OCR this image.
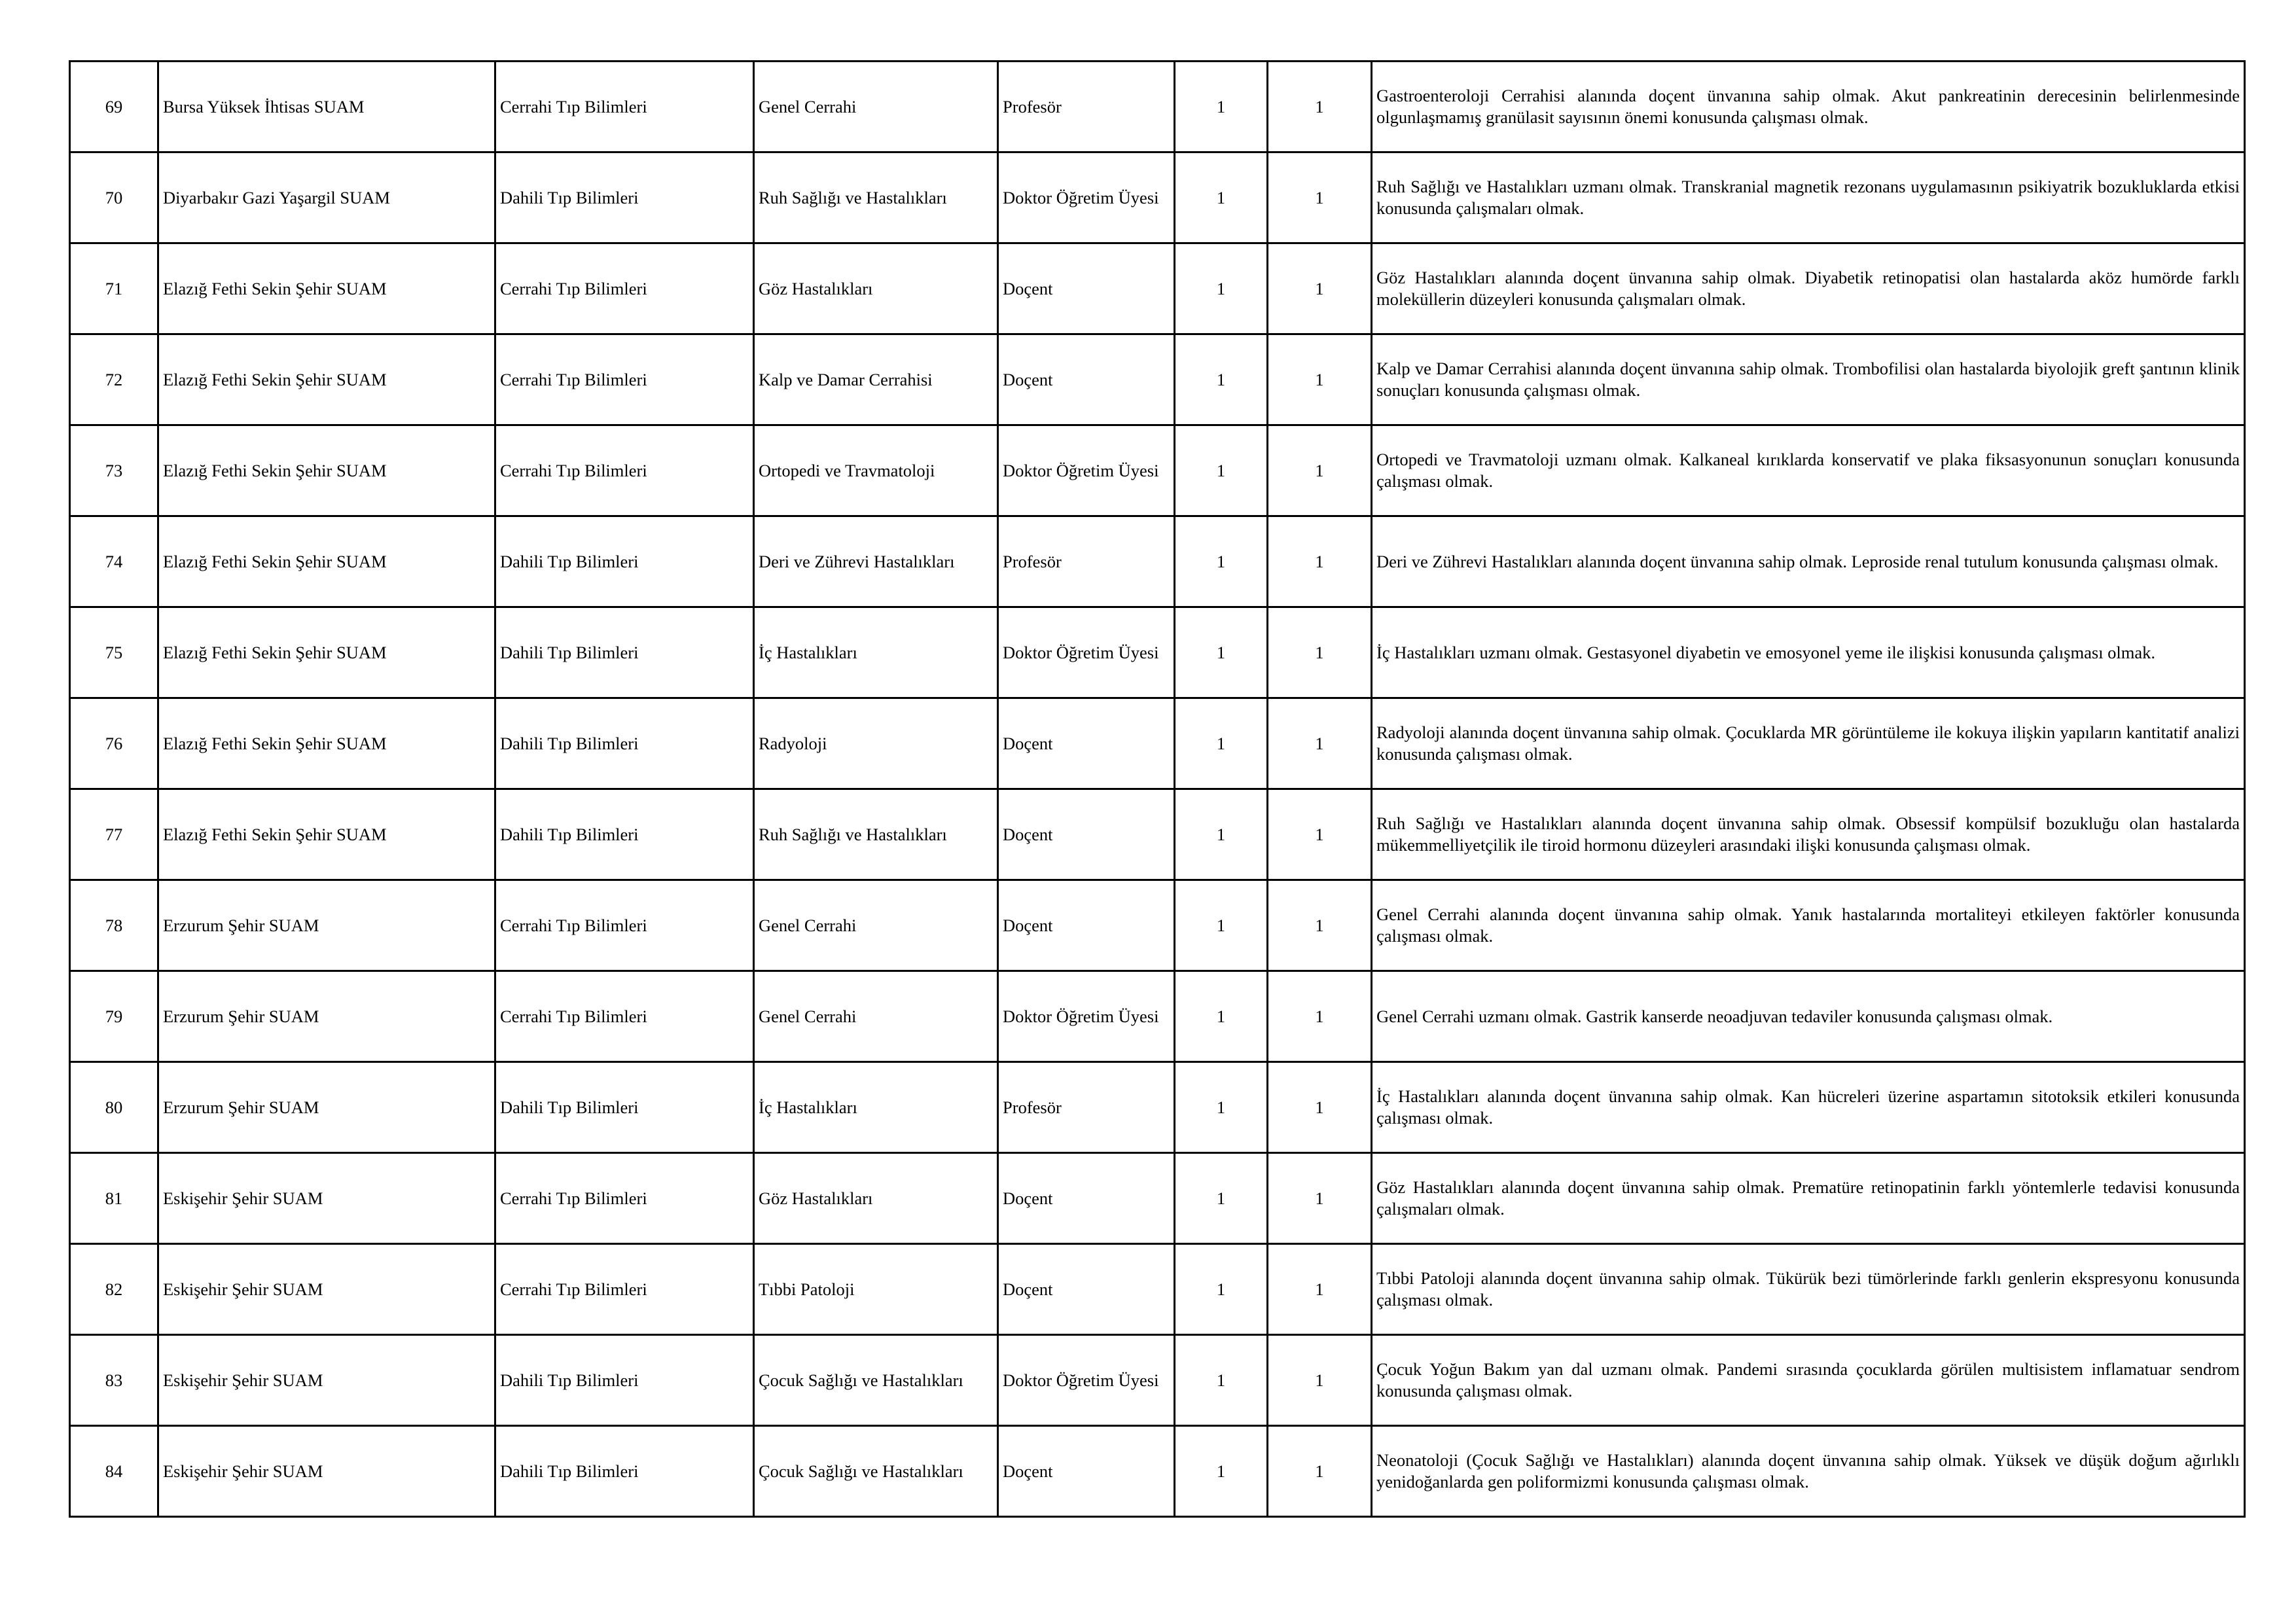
69	Bursa Yüksek İhtisas SUAM	Cerrahi Tıp Bilimleri	Genel Cerrahi	Profesör	1	1	Gastroenteroloji Cerrahisi alanında doçent ünvanına sahip olmak. Akut pankreatinin derecesinin belirlenmesinde olgunlaşmamış granülasit sayısının önemi konusunda çalışması olmak.
70	Diyarbakır Gazi Yaşargil SUAM	Dahili Tıp Bilimleri	Ruh Sağlığı ve Hastalıkları	Doktor Öğretim Üyesi	1	1	Ruh Sağlığı ve Hastalıkları uzmanı olmak. Transkranial magnetik rezonans uygulamasının psikiyatrik bozukluklarda etkisi konusunda çalışmaları olmak.
71	Elazığ Fethi Sekin Şehir SUAM	Cerrahi Tıp Bilimleri	Göz Hastalıkları	Doçent	1	1	Göz Hastalıkları alanında doçent ünvanına sahip olmak. Diyabetik retinopatisi olan hastalarda aköz humörde farklı moleküllerin düzeyleri konusunda çalışmaları olmak.
72	Elazığ Fethi Sekin Şehir SUAM	Cerrahi Tıp Bilimleri	Kalp ve Damar Cerrahisi	Doçent	1	1	Kalp ve Damar Cerrahisi alanında doçent ünvanına sahip olmak. Trombofilisi olan hastalarda biyolojik greft şantının klinik sonuçları konusunda çalışması olmak.
73	Elazığ Fethi Sekin Şehir SUAM	Cerrahi Tıp Bilimleri	Ortopedi ve Travmatoloji	Doktor Öğretim Üyesi	1	1	Ortopedi ve Travmatoloji uzmanı olmak. Kalkaneal kırıklarda konservatif ve plaka fiksasyonunun sonuçları konusunda çalışması olmak.
74	Elazığ Fethi Sekin Şehir SUAM	Dahili Tıp Bilimleri	Deri ve Zührevi Hastalıkları	Profesör	1	1	Deri ve Zührevi Hastalıkları alanında doçent ünvanına sahip olmak. Leproside renal tutulum konusunda çalışması olmak.
75	Elazığ Fethi Sekin Şehir SUAM	Dahili Tıp Bilimleri	İç Hastalıkları	Doktor Öğretim Üyesi	1	1	İç Hastalıkları uzmanı olmak. Gestasyonel diyabetin ve emosyonel yeme ile ilişkisi konusunda çalışması olmak.
76	Elazığ Fethi Sekin Şehir SUAM	Dahili Tıp Bilimleri	Radyoloji	Doçent	1	1	Radyoloji alanında doçent ünvanına sahip olmak. Çocuklarda MR görüntüleme ile kokuya ilişkin yapıların kantitatif analizi konusunda çalışması olmak.
77	Elazığ Fethi Sekin Şehir SUAM	Dahili Tıp Bilimleri	Ruh Sağlığı ve Hastalıkları	Doçent	1	1	Ruh Sağlığı ve Hastalıkları alanında doçent ünvanına sahip olmak. Obsessif kompülsif bozukluğu olan hastalarda mükemmelliyetçilik ile tiroid hormonu düzeyleri arasındaki ilişki konusunda çalışması olmak.
78	Erzurum Şehir SUAM	Cerrahi Tıp Bilimleri	Genel Cerrahi	Doçent	1	1	Genel Cerrahi alanında doçent ünvanına sahip olmak. Yanık hastalarında mortaliteyi etkileyen faktörler konusunda çalışması olmak.
79	Erzurum Şehir SUAM	Cerrahi Tıp Bilimleri	Genel Cerrahi	Doktor Öğretim Üyesi	1	1	Genel Cerrahi uzmanı olmak. Gastrik kanserde neoadjuvan tedaviler konusunda çalışması olmak.
80	Erzurum Şehir SUAM	Dahili Tıp Bilimleri	İç Hastalıkları	Profesör	1	1	İç Hastalıkları alanında doçent ünvanına sahip olmak. Kan hücreleri üzerine aspartamın sitotoksik etkileri konusunda çalışması olmak.
81	Eskişehir Şehir SUAM	Cerrahi Tıp Bilimleri	Göz Hastalıkları	Doçent	1	1	Göz Hastalıkları alanında doçent ünvanına sahip olmak. Prematüre retinopatinin farklı yöntemlerle tedavisi konusunda çalışmaları olmak.
82	Eskişehir Şehir SUAM	Cerrahi Tıp Bilimleri	Tıbbi Patoloji	Doçent	1	1	Tıbbi Patoloji alanında doçent ünvanına sahip olmak. Tükürük bezi tümörlerinde farklı genlerin ekspresyonu konusunda çalışması olmak.
83	Eskişehir Şehir SUAM	Dahili Tıp Bilimleri	Çocuk Sağlığı ve Hastalıkları	Doktor Öğretim Üyesi	1	1	Çocuk Yoğun Bakım yan dal uzmanı olmak. Pandemi sırasında çocuklarda görülen multisistem inflamatuar sendrom konusunda çalışması olmak.
84	Eskişehir Şehir SUAM	Dahili Tıp Bilimleri	Çocuk Sağlığı ve Hastalıkları	Doçent	1	1	Neonatoloji (Çocuk Sağlığı ve Hastalıkları) alanında doçent ünvanına sahip olmak. Yüksek ve düşük doğum ağırlıklı yenidoğanlarda gen poliformizmi konusunda çalışması olmak.
